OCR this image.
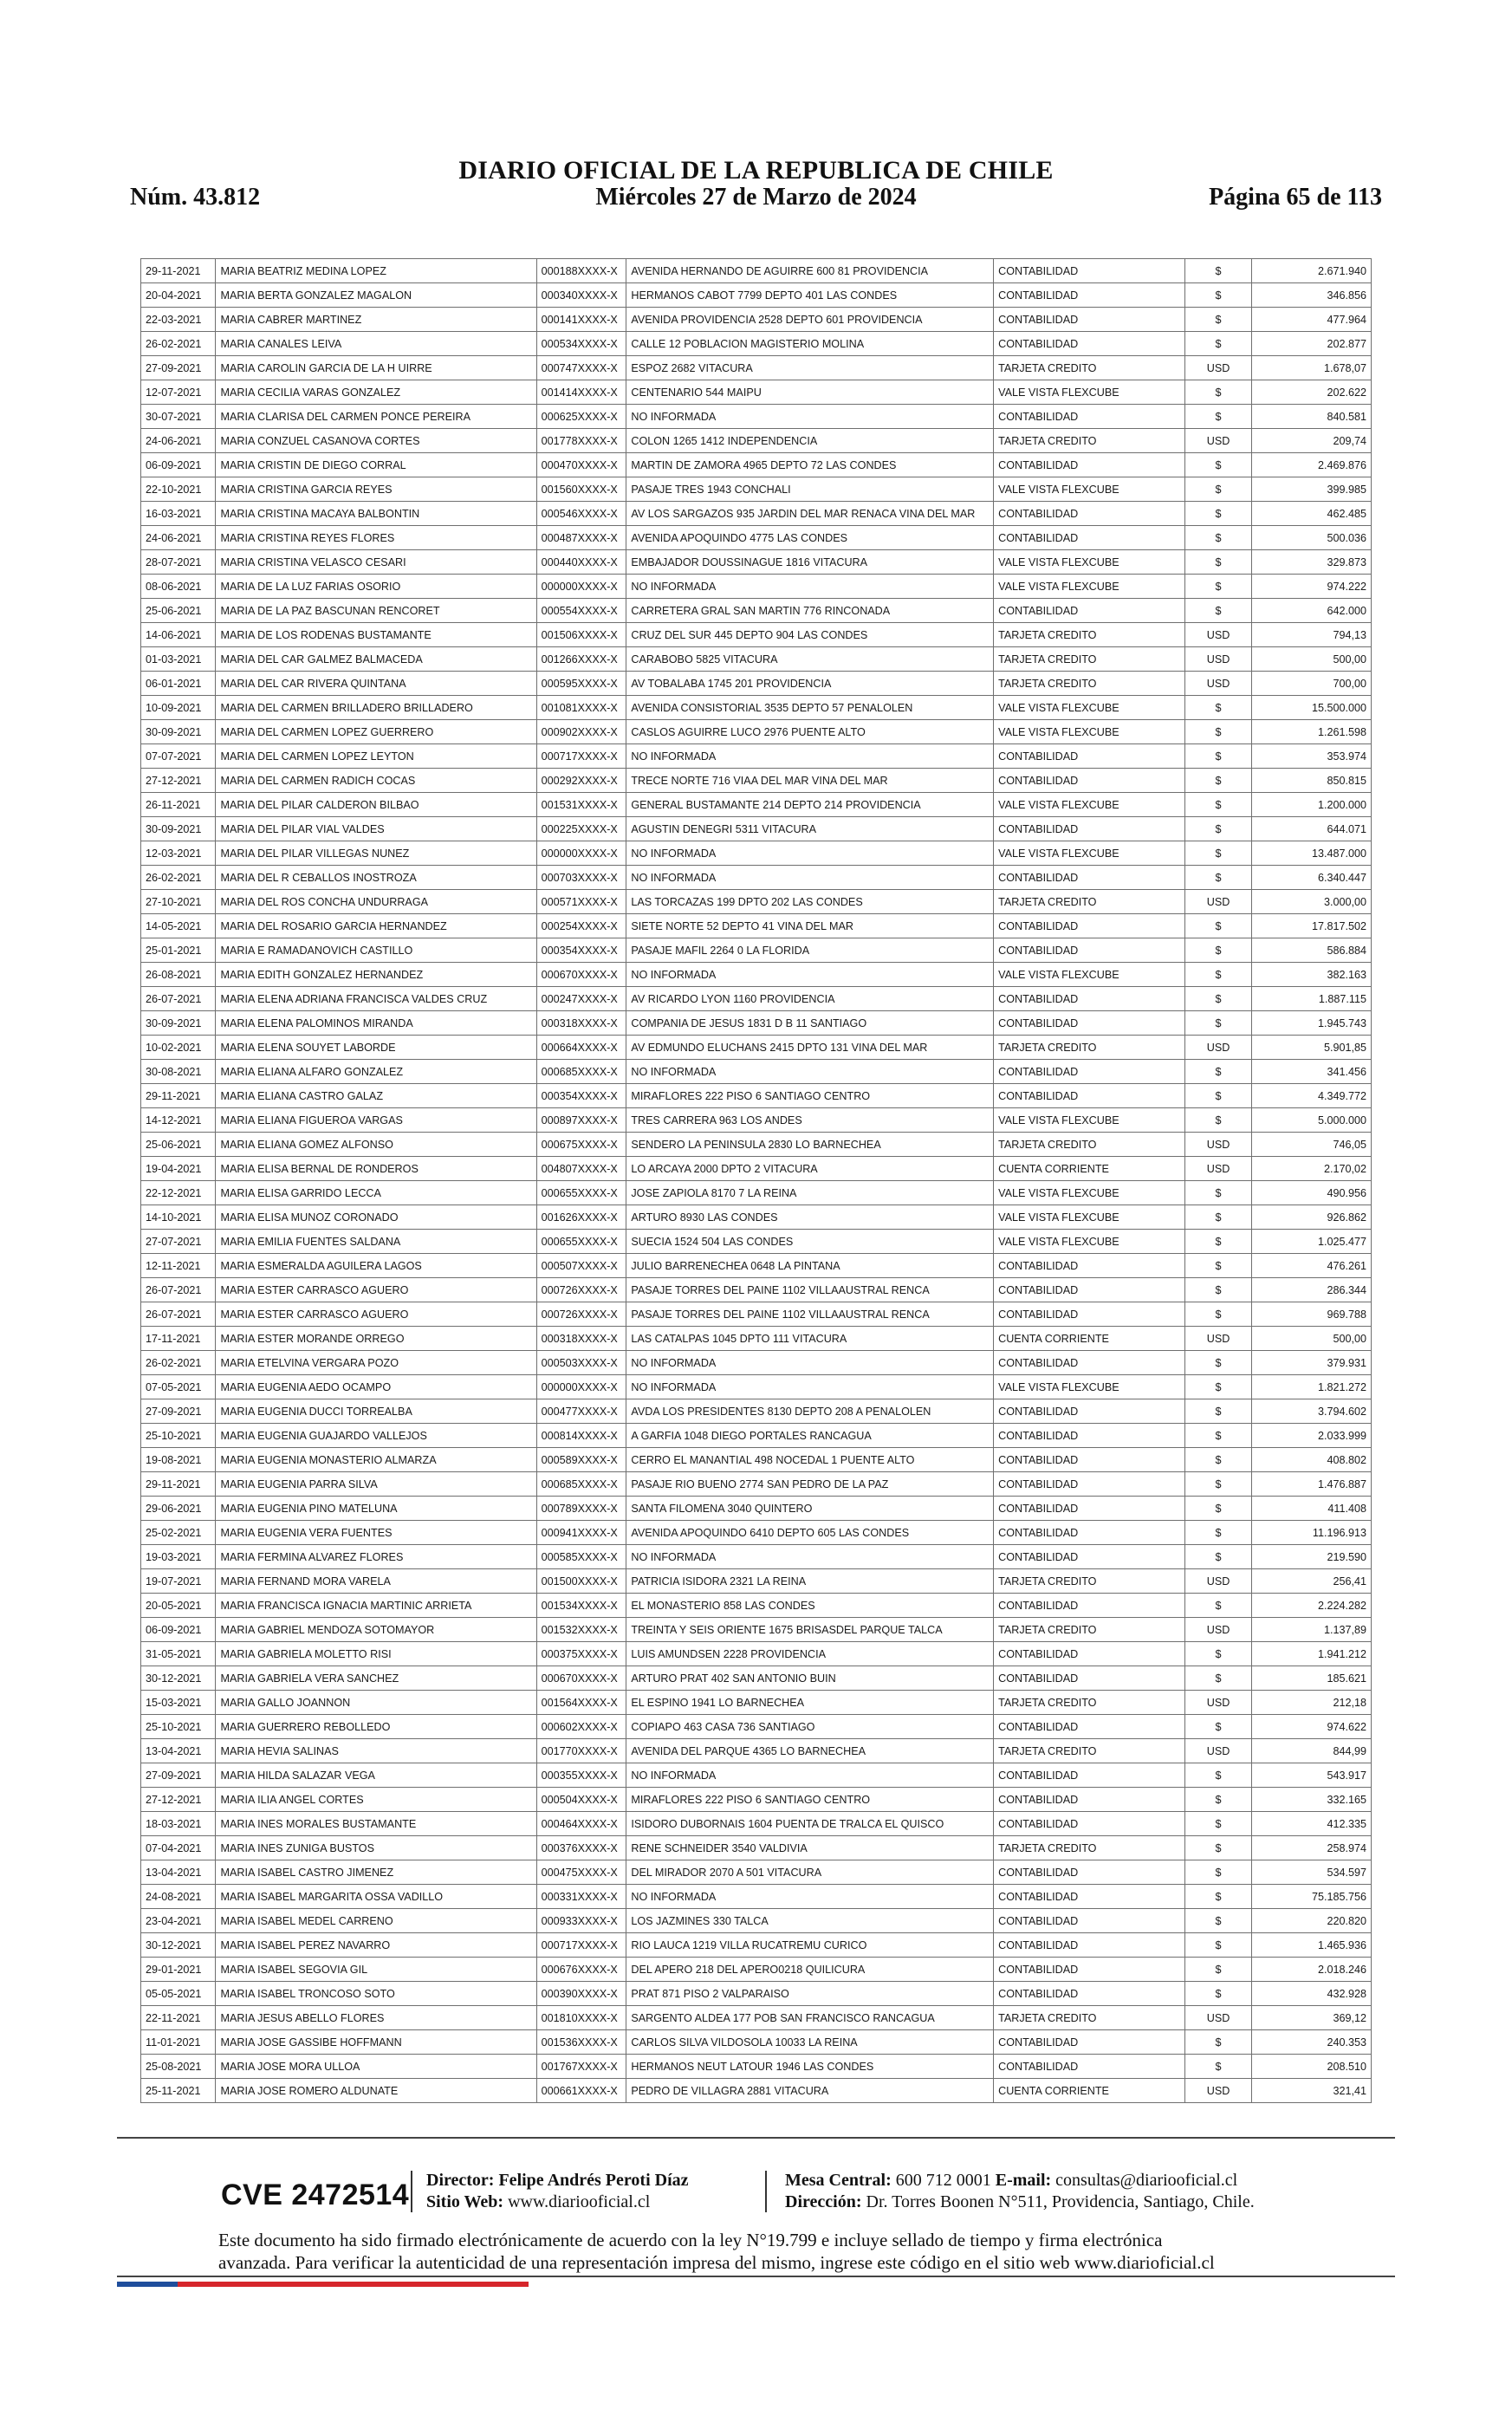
DIARIO OFICIAL DE LA REPUBLICA DE CHILE
Núm. 43.812	Miércoles 27 de Marzo de 2024	Página 65 de 113
29-11-2021	MARIA BEATRIZ MEDINA LOPEZ	000188XXXX-X	AVENIDA HERNANDO DE AGUIRRE 600 81 PROVIDENCIA	CONTABILIDAD	$	2.671.940
20-04-2021	MARIA BERTA GONZALEZ MAGALON	000340XXXX-X	HERMANOS CABOT 7799 DEPTO 401 LAS CONDES	CONTABILIDAD	$	346.856
22-03-2021	MARIA CABRER MARTINEZ	000141XXXX-X	AVENIDA PROVIDENCIA 2528 DEPTO 601 PROVIDENCIA	CONTABILIDAD	$	477.964
26-02-2021	MARIA CANALES LEIVA	000534XXXX-X	CALLE 12 POBLACION MAGISTERIO MOLINA	CONTABILIDAD	$	202.877
27-09-2021	MARIA CAROLIN GARCIA DE LA H UIRRE	000747XXXX-X	ESPOZ 2682 VITACURA	TARJETA CREDITO	USD	1.678,07
12-07-2021	MARIA CECILIA VARAS GONZALEZ	001414XXXX-X	CENTENARIO 544 MAIPU	VALE VISTA FLEXCUBE	$	202.622
30-07-2021	MARIA CLARISA DEL CARMEN PONCE PEREIRA	000625XXXX-X	NO INFORMADA	CONTABILIDAD	$	840.581
24-06-2021	MARIA CONZUEL CASANOVA CORTES	001778XXXX-X	COLON 1265 1412 INDEPENDENCIA	TARJETA CREDITO	USD	209,74
06-09-2021	MARIA CRISTIN DE DIEGO CORRAL	000470XXXX-X	MARTIN DE ZAMORA 4965 DEPTO 72 LAS CONDES	CONTABILIDAD	$	2.469.876
22-10-2021	MARIA CRISTINA GARCIA REYES	001560XXXX-X	PASAJE TRES 1943 CONCHALI	VALE VISTA FLEXCUBE	$	399.985
16-03-2021	MARIA CRISTINA MACAYA BALBONTIN	000546XXXX-X	AV LOS SARGAZOS 935 JARDIN DEL MAR RENACA VINA DEL MAR	CONTABILIDAD	$	462.485
24-06-2021	MARIA CRISTINA REYES FLORES	000487XXXX-X	AVENIDA APOQUINDO 4775 LAS CONDES	CONTABILIDAD	$	500.036
28-07-2021	MARIA CRISTINA VELASCO CESARI	000440XXXX-X	EMBAJADOR DOUSSINAGUE 1816 VITACURA	VALE VISTA FLEXCUBE	$	329.873
08-06-2021	MARIA DE LA LUZ FARIAS OSORIO	000000XXXX-X	NO INFORMADA	VALE VISTA FLEXCUBE	$	974.222
25-06-2021	MARIA DE LA PAZ BASCUNAN RENCORET	000554XXXX-X	CARRETERA GRAL SAN MARTIN 776 RINCONADA	CONTABILIDAD	$	642.000
14-06-2021	MARIA DE LOS RODENAS BUSTAMANTE	001506XXXX-X	CRUZ DEL SUR 445 DEPTO 904 LAS CONDES	TARJETA CREDITO	USD	794,13
01-03-2021	MARIA DEL CAR GALMEZ BALMACEDA	001266XXXX-X	CARABOBO 5825 VITACURA	TARJETA CREDITO	USD	500,00
06-01-2021	MARIA DEL CAR RIVERA QUINTANA	000595XXXX-X	AV TOBALABA 1745 201 PROVIDENCIA	TARJETA CREDITO	USD	700,00
10-09-2021	MARIA DEL CARMEN BRILLADERO BRILLADERO	001081XXXX-X	AVENIDA CONSISTORIAL 3535 DEPTO 57 PENALOLEN	VALE VISTA FLEXCUBE	$	15.500.000
30-09-2021	MARIA DEL CARMEN LOPEZ GUERRERO	000902XXXX-X	CASLOS AGUIRRE LUCO 2976 PUENTE ALTO	VALE VISTA FLEXCUBE	$	1.261.598
07-07-2021	MARIA DEL CARMEN LOPEZ LEYTON	000717XXXX-X	NO INFORMADA	CONTABILIDAD	$	353.974
27-12-2021	MARIA DEL CARMEN RADICH COCAS	000292XXXX-X	TRECE NORTE 716 VIAA DEL MAR VINA DEL MAR	CONTABILIDAD	$	850.815
26-11-2021	MARIA DEL PILAR CALDERON BILBAO	001531XXXX-X	GENERAL BUSTAMANTE 214 DEPTO 214 PROVIDENCIA	VALE VISTA FLEXCUBE	$	1.200.000
30-09-2021	MARIA DEL PILAR VIAL VALDES	000225XXXX-X	AGUSTIN DENEGRI 5311 VITACURA	CONTABILIDAD	$	644.071
12-03-2021	MARIA DEL PILAR VILLEGAS NUNEZ	000000XXXX-X	NO INFORMADA	VALE VISTA FLEXCUBE	$	13.487.000
26-02-2021	MARIA DEL R CEBALLOS INOSTROZA	000703XXXX-X	NO INFORMADA	CONTABILIDAD	$	6.340.447
27-10-2021	MARIA DEL ROS CONCHA UNDURRAGA	000571XXXX-X	LAS TORCAZAS 199 DPTO 202 LAS CONDES	TARJETA CREDITO	USD	3.000,00
14-05-2021	MARIA DEL ROSARIO GARCIA HERNANDEZ	000254XXXX-X	SIETE NORTE 52 DEPTO 41 VINA DEL MAR	CONTABILIDAD	$	17.817.502
25-01-2021	MARIA E RAMADANOVICH CASTILLO	000354XXXX-X	PASAJE MAFIL 2264 0 LA FLORIDA	CONTABILIDAD	$	586.884
26-08-2021	MARIA EDITH GONZALEZ HERNANDEZ	000670XXXX-X	NO INFORMADA	VALE VISTA FLEXCUBE	$	382.163
26-07-2021	MARIA ELENA ADRIANA FRANCISCA VALDES CRUZ	000247XXXX-X	AV RICARDO LYON 1160 PROVIDENCIA	CONTABILIDAD	$	1.887.115
30-09-2021	MARIA ELENA PALOMINOS MIRANDA	000318XXXX-X	COMPANIA DE JESUS 1831 D B 11 SANTIAGO	CONTABILIDAD	$	1.945.743
10-02-2021	MARIA ELENA SOUYET LABORDE	000664XXXX-X	AV EDMUNDO ELUCHANS 2415 DPTO 131 VINA DEL MAR	TARJETA CREDITO	USD	5.901,85
30-08-2021	MARIA ELIANA ALFARO GONZALEZ	000685XXXX-X	NO INFORMADA	CONTABILIDAD	$	341.456
29-11-2021	MARIA ELIANA CASTRO GALAZ	000354XXXX-X	MIRAFLORES 222 PISO 6 SANTIAGO CENTRO	CONTABILIDAD	$	4.349.772
14-12-2021	MARIA ELIANA FIGUEROA VARGAS	000897XXXX-X	TRES CARRERA 963 LOS ANDES	VALE VISTA FLEXCUBE	$	5.000.000
25-06-2021	MARIA ELIANA GOMEZ ALFONSO	000675XXXX-X	SENDERO LA PENINSULA 2830 LO BARNECHEA	TARJETA CREDITO	USD	746,05
19-04-2021	MARIA ELISA BERNAL DE RONDEROS	004807XXXX-X	LO ARCAYA 2000 DPTO 2 VITACURA	CUENTA CORRIENTE	USD	2.170,02
22-12-2021	MARIA ELISA GARRIDO LECCA	000655XXXX-X	JOSE ZAPIOLA 8170 7 LA REINA	VALE VISTA FLEXCUBE	$	490.956
14-10-2021	MARIA ELISA MUNOZ CORONADO	001626XXXX-X	ARTURO 8930 LAS CONDES	VALE VISTA FLEXCUBE	$	926.862
27-07-2021	MARIA EMILIA FUENTES SALDANA	000655XXXX-X	SUECIA 1524 504 LAS CONDES	VALE VISTA FLEXCUBE	$	1.025.477
12-11-2021	MARIA ESMERALDA AGUILERA LAGOS	000507XXXX-X	JULIO BARRENECHEA 0648 LA PINTANA	CONTABILIDAD	$	476.261
26-07-2021	MARIA ESTER CARRASCO AGUERO	000726XXXX-X	PASAJE TORRES DEL PAINE 1102 VILLAAUSTRAL RENCA	CONTABILIDAD	$	286.344
26-07-2021	MARIA ESTER CARRASCO AGUERO	000726XXXX-X	PASAJE TORRES DEL PAINE 1102 VILLAAUSTRAL RENCA	CONTABILIDAD	$	969.788
17-11-2021	MARIA ESTER MORANDE ORREGO	000318XXXX-X	LAS CATALPAS 1045 DPTO 111 VITACURA	CUENTA CORRIENTE	USD	500,00
26-02-2021	MARIA ETELVINA VERGARA POZO	000503XXXX-X	NO INFORMADA	CONTABILIDAD	$	379.931
07-05-2021	MARIA EUGENIA AEDO OCAMPO	000000XXXX-X	NO INFORMADA	VALE VISTA FLEXCUBE	$	1.821.272
27-09-2021	MARIA EUGENIA DUCCI TORREALBA	000477XXXX-X	AVDA LOS PRESIDENTES 8130 DEPTO 208 A PENALOLEN	CONTABILIDAD	$	3.794.602
25-10-2021	MARIA EUGENIA GUAJARDO VALLEJOS	000814XXXX-X	A GARFIA 1048 DIEGO PORTALES RANCAGUA	CONTABILIDAD	$	2.033.999
19-08-2021	MARIA EUGENIA MONASTERIO ALMARZA	000589XXXX-X	CERRO EL MANANTIAL 498 NOCEDAL 1 PUENTE ALTO	CONTABILIDAD	$	408.802
29-11-2021	MARIA EUGENIA PARRA SILVA	000685XXXX-X	PASAJE RIO BUENO 2774 SAN PEDRO DE LA PAZ	CONTABILIDAD	$	1.476.887
29-06-2021	MARIA EUGENIA PINO MATELUNA	000789XXXX-X	SANTA FILOMENA 3040 QUINTERO	CONTABILIDAD	$	411.408
25-02-2021	MARIA EUGENIA VERA FUENTES	000941XXXX-X	AVENIDA APOQUINDO 6410 DEPTO 605 LAS CONDES	CONTABILIDAD	$	11.196.913
19-03-2021	MARIA FERMINA ALVAREZ FLORES	000585XXXX-X	NO INFORMADA	CONTABILIDAD	$	219.590
19-07-2021	MARIA FERNAND MORA VARELA	001500XXXX-X	PATRICIA ISIDORA 2321 LA REINA	TARJETA CREDITO	USD	256,41
20-05-2021	MARIA FRANCISCA IGNACIA MARTINIC ARRIETA	001534XXXX-X	EL MONASTERIO 858 LAS CONDES	CONTABILIDAD	$	2.224.282
06-09-2021	MARIA GABRIEL MENDOZA SOTOMAYOR	001532XXXX-X	TREINTA Y SEIS ORIENTE 1675 BRISASDEL PARQUE TALCA	TARJETA CREDITO	USD	1.137,89
31-05-2021	MARIA GABRIELA MOLETTO RISI	000375XXXX-X	LUIS AMUNDSEN 2228 PROVIDENCIA	CONTABILIDAD	$	1.941.212
30-12-2021	MARIA GABRIELA VERA SANCHEZ	000670XXXX-X	ARTURO PRAT 402 SAN ANTONIO BUIN	CONTABILIDAD	$	185.621
15-03-2021	MARIA GALLO JOANNON	001564XXXX-X	EL ESPINO 1941 LO BARNECHEA	TARJETA CREDITO	USD	212,18
25-10-2021	MARIA GUERRERO REBOLLEDO	000602XXXX-X	COPIAPO 463 CASA 736 SANTIAGO	CONTABILIDAD	$	974.622
13-04-2021	MARIA HEVIA SALINAS	001770XXXX-X	AVENIDA DEL PARQUE 4365 LO BARNECHEA	TARJETA CREDITO	USD	844,99
27-09-2021	MARIA HILDA SALAZAR VEGA	000355XXXX-X	NO INFORMADA	CONTABILIDAD	$	543.917
27-12-2021	MARIA ILIA ANGEL CORTES	000504XXXX-X	MIRAFLORES 222 PISO 6 SANTIAGO CENTRO	CONTABILIDAD	$	332.165
18-03-2021	MARIA INES MORALES BUSTAMANTE	000464XXXX-X	ISIDORO DUBORNAIS 1604 PUENTA DE TRALCA EL QUISCO	CONTABILIDAD	$	412.335
07-04-2021	MARIA INES ZUNIGA BUSTOS	000376XXXX-X	RENE SCHNEIDER 3540 VALDIVIA	TARJETA CREDITO	$	258.974
13-04-2021	MARIA ISABEL CASTRO JIMENEZ	000475XXXX-X	DEL MIRADOR 2070 A 501 VITACURA	CONTABILIDAD	$	534.597
24-08-2021	MARIA ISABEL MARGARITA OSSA VADILLO	000331XXXX-X	NO INFORMADA	CONTABILIDAD	$	75.185.756
23-04-2021	MARIA ISABEL MEDEL CARRENO	000933XXXX-X	LOS JAZMINES 330 TALCA	CONTABILIDAD	$	220.820
30-12-2021	MARIA ISABEL PEREZ NAVARRO	000717XXXX-X	RIO LAUCA 1219 VILLA RUCATREMU CURICO	CONTABILIDAD	$	1.465.936
29-01-2021	MARIA ISABEL SEGOVIA GIL	000676XXXX-X	DEL APERO 218 DEL APERO0218 QUILICURA	CONTABILIDAD	$	2.018.246
05-05-2021	MARIA ISABEL TRONCOSO SOTO	000390XXXX-X	PRAT 871 PISO 2 VALPARAISO	CONTABILIDAD	$	432.928
22-11-2021	MARIA JESUS ABELLO FLORES	001810XXXX-X	SARGENTO ALDEA 177 POB SAN FRANCISCO RANCAGUA	TARJETA CREDITO	USD	369,12
11-01-2021	MARIA JOSE GASSIBE HOFFMANN	001536XXXX-X	CARLOS SILVA VILDOSOLA 10033 LA REINA	CONTABILIDAD	$	240.353
25-08-2021	MARIA JOSE MORA ULLOA	001767XXXX-X	HERMANOS NEUT LATOUR 1946 LAS CONDES	CONTABILIDAD	$	208.510
25-11-2021	MARIA JOSE ROMERO ALDUNATE	000661XXXX-X	PEDRO DE VILLAGRA 2881 VITACURA	CUENTA CORRIENTE	USD	321,41
CVE 2472514 Director: Felipe Andrés Peroti Díaz
Sitio Web: www.diariooficial.cl
Mesa Central: 600 712 0001 E-mail: consultas@diariooficial.cl
Dirección: Dr. Torres Boonen N°511, Providencia, Santiago, Chile.
Este documento ha sido firmado electrónicamente de acuerdo con la ley N°19.799 e incluye sellado de tiempo y firma electrónica
avanzada. Para verificar la autenticidad de una representación impresa del mismo, ingrese este código en el sitio web www.diarioficial.cl
